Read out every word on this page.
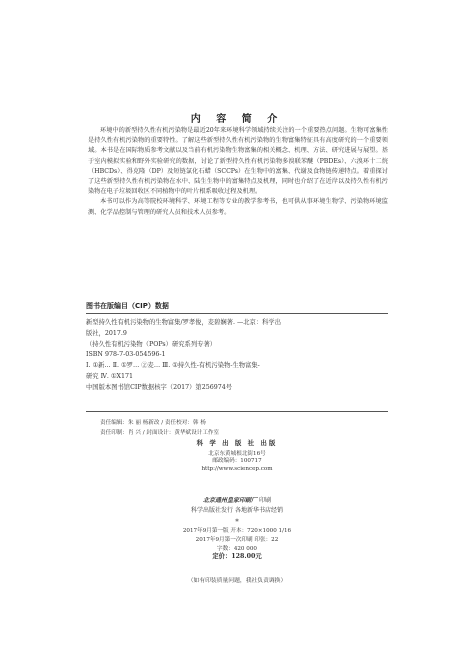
内 容 简 介

环境中的新型持久性有机污染物是最近20年来环境科学领域持续关注的一个重要热点问题。生物可富集性是持久性有机污染物的重要特性。了解这些新型持久性有机污染物的生物富集特征具有高度研究的一个重要领域。本书是在国际物质参考文献以及当前有机污染物生物富集的相关概念、机理、方法、研究进展与展望。基于室内模拟实验和野外实验研究的数据，讨论了新型持久性有机污染物多溴联苯醚（PBDEs）、六溴环十二烷（HBCDs）、得克隆（DP）及短链氯化石蜡（SCCPs）在生物中的富集、代谢及食物链传递特点。着重探讨了这些新型持久性有机污染物在水中、陆生生物中的富集特点及机理，同时也介绍了在近岸以及持久性有机污染物在电子垃圾回收区不同植物中的叶片根系吸收过程及机理。

本书可以作为高等院校环境科学、环境工程等专业的教学参考书，也可供从事环境生物学、污染物环境监测、化学品控制与管理的研究人员和技术人员参考。

图书在版编目（CIP）数据
新型持久性有机污染物的生物富集/罗孝俊，麦碧娴著. —北京：科学出
版社，2017.9
（持久性有机污染物（POPs）研究系列专著）
ISBN 978-7-03-054596-1
Ⅰ. ①新… Ⅱ. ①罗… ②麦… Ⅲ. ①持久性-有机污染物-生物富集-
研究 Ⅳ. ①X171
中国版本图书馆CIP数据核字（2017）第256974号
责任编辑：朱 丽 杨新改 / 责任校对：韩 杨
责任印制：肖 兴 / 封面设计：黄华斌设计工作室
科 学 出 版 社 出版
北京东黄城根北街16号
邮政编码：100717
http://www.sciencep.com
北京通州皇家印刷厂 印刷
科学出版社发行 各地新华书店经销
*
2017年9月第一版 开本：720×1000 1/16
2017年9月第一次印刷 印张：22
字数：420 000
定价：128.00元
（如有印装质量问题，我社负责调换）
